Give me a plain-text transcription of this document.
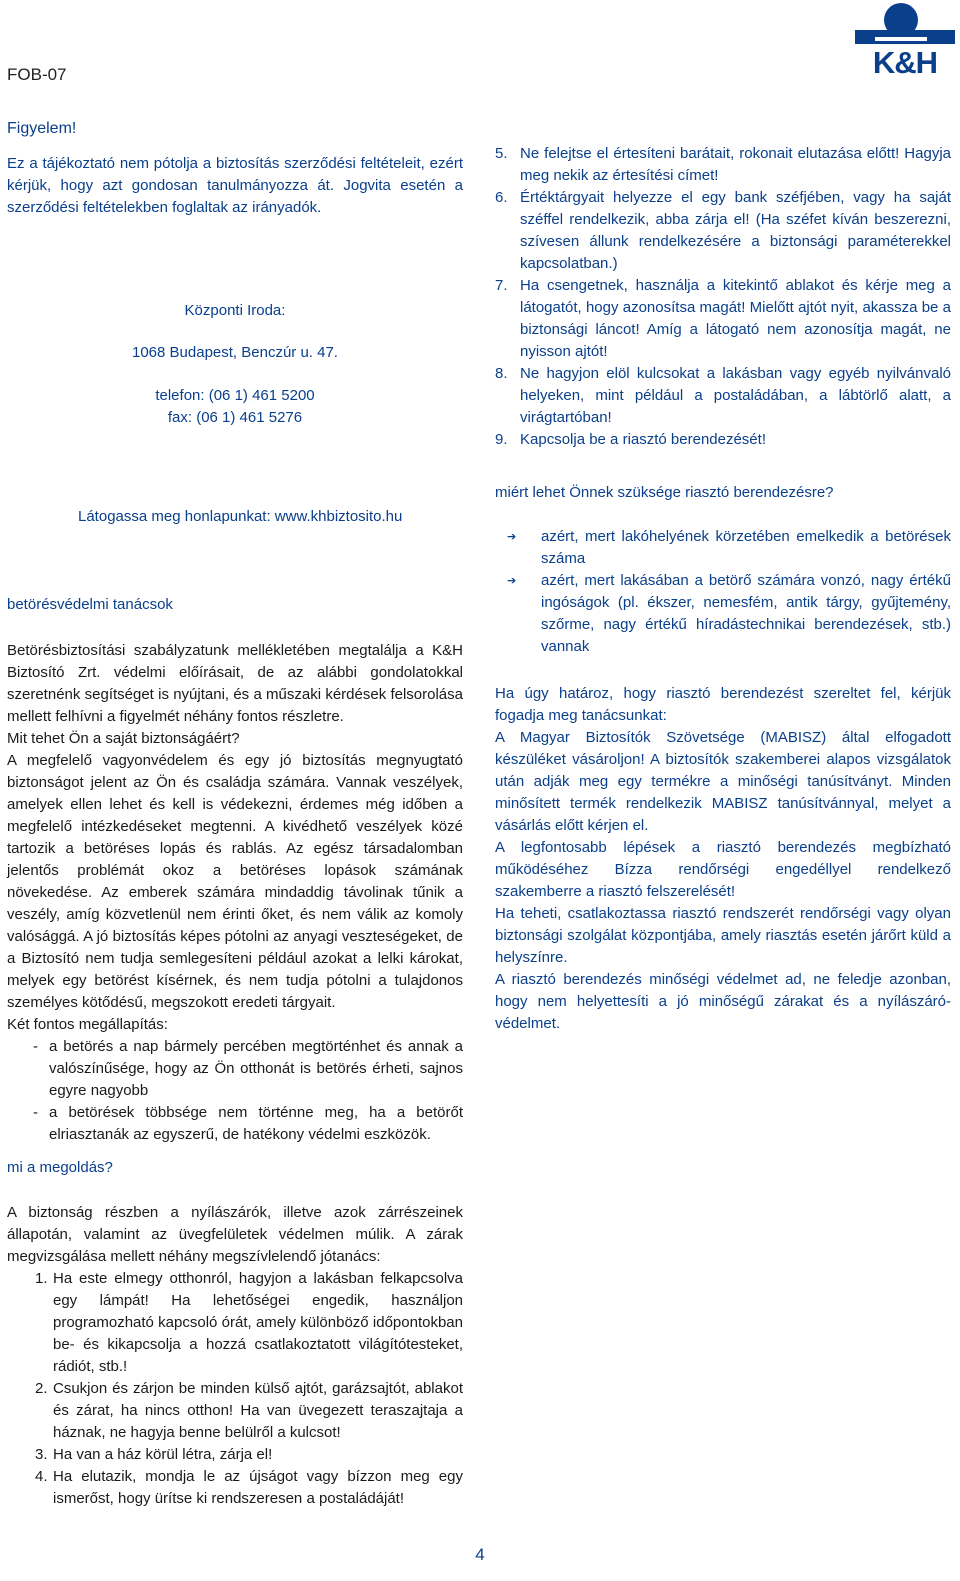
FOB-07	K&H
Figyelem!
Ez a tájékoztató nem pótolja a biztosítás szerződési feltételeit, ezért kérjük, hogy azt gondosan tanulmányozza át. Jogvita esetén a szerződési feltételekben foglaltak az irányadók.

Központi Iroda:

1068 Budapest, Benczúr u. 47.

telefon: (06 1) 461 5200

fax: (06 1) 461 5276

Látogassa meg honlapunkat: www.khbiztosito.hu
betörésvédelmi tanácsok

Betörésbiztosítási szabályzatunk mellékletében megtalálja a K&H Biztosító Zrt. védelmi előírásait, de az alábbi gondolatokkal szeretnénk segítséget is nyújtani, és a műszaki kérdések felsorolása mellett felhívni a figyelmét néhány fontos részletre.

Mit tehet Ön a saját biztonságáért?

A megfelelő vagyonvédelem és egy jó biztosítás megnyugtató biztonságot jelent az Ön és családja számára. Vannak veszélyek, amelyek ellen lehet és kell is védekezni, érdemes még időben a megfelelő intézkedéseket megtenni. A kivédhető veszélyek közé tartozik a betöréses lopás és rablás. Az egész társadalomban jelentős problémát okoz a betöréses lopások számának növekedése. Az emberek számára mindaddig távolinak tűnik a veszély, amíg közvetlenül nem érinti őket, és nem válik az komoly valósággá. A jó biztosítás képes pótolni az anyagi veszteségeket, de a Biztosító nem tudja semlegesíteni például azokat a lelki károkat, melyek egy betörést kísérnek, és nem tudja pótolni a tulajdonos személyes kötődésű, megszokott eredeti tárgyait.

Két fontos megállapítás:

- a betörés a nap bármely percében megtörténhet és annak a valószínűsége, hogy az Ön otthonát is betörés érheti, sajnos egyre nagyobb
- a betörések többsége nem történne meg, ha a betörőt elriasztanák az egyszerű, de hatékony védelmi eszközök.
mi a megoldás?

A biztonság részben a nyílászárók, illetve azok zárrészeinek állapotán, valamint az üvegfelületek védelmen múlik. A zárak megvizsgálása mellett néhány megszívlelendő jótanács:

1. Ha este elmegy otthonról, hagyjon a lakásban felkapcsolva egy lámpát! Ha lehetőségei engedik, használjon programozható kapcsoló órát, amely különböző időpontokban be- és kikapcsolja a hozzá csatlakoztatott világítótesteket, rádiót, stb.!
2. Csukjon és zárjon be minden külső ajtót, garázsajtót, ablakot és zárat, ha nincs otthon! Ha van üvegezett teraszajtaja a háznak, ne hagyja benne belülről a kulcsot!
3. Ha van a ház körül létra, zárja el!
4. Ha elutazik, mondja le az újságot vagy bízzon meg egy ismerőst, hogy ürítse ki rendszeresen a postaládáját!
5. Ne felejtse el értesíteni barátait, rokonait elutazása előtt! Hagyja meg nekik az értesítési címet!
6. Értéktárgyait helyezze el egy bank széfjében, vagy ha saját széffel rendelkezik, abba zárja el! (Ha széfet kíván beszerezni, szívesen állunk rendelkezésére a biztonsági paraméterekkel kapcsolatban.)
7. Ha csengetnek, használja a kitekintő ablakot és kérje meg a látogatót, hogy azonosítsa magát! Mielőtt ajtót nyit, akassza be a biztonsági láncot! Amíg a látogató nem azonosítja magát, ne nyisson ajtót!
8. Ne hagyjon elöl kulcsokat a lakásban vagy egyéb nyilvánvaló helyeken, mint például a postaládában, a lábtörlő alatt, a virágtartóban!
9. Kapcsolja be a riasztó berendezését!
miért lehet Önnek szüksége riasztó berendezésre?
➔ azért, mert lakóhelyének körzetében emelkedik a betörések száma
➔ azért, mert lakásában a betörő számára vonzó, nagy értékű ingóságok (pl. ékszer, nemesfém, antik tárgy, gyűjtemény, szőrme, nagy értékű híradástechnikai berendezések, stb.) vannak

Ha úgy határoz, hogy riasztó berendezést szereltet fel, kérjük fogadja meg tanácsunkat:

A Magyar Biztosítók Szövetsége (MABISZ) által elfogadott készüléket vásároljon! A biztosítók szakemberei alapos vizsgálatok után adják meg egy termékre a minőségi tanúsítványt. Minden minősített termék rendelkezik MABISZ tanúsítvánnyal, melyet a vásárlás előtt kérjen el.

A legfontosabb lépések a riasztó berendezés megbízható működéséhez Bízza rendőrségi engedéllyel rendelkező szakemberre a riasztó felszerelését!

Ha teheti, csatlakoztassa riasztó rendszerét rendőrségi vagy olyan biztonsági szolgálat központjába, amely riasztás esetén járőrt küld a helyszínre.

A riasztó berendezés minőségi védelmet ad, ne feledje azonban, hogy nem helyettesíti a jó minőségű zárakat és a nyílászáró-védelmet.

4
